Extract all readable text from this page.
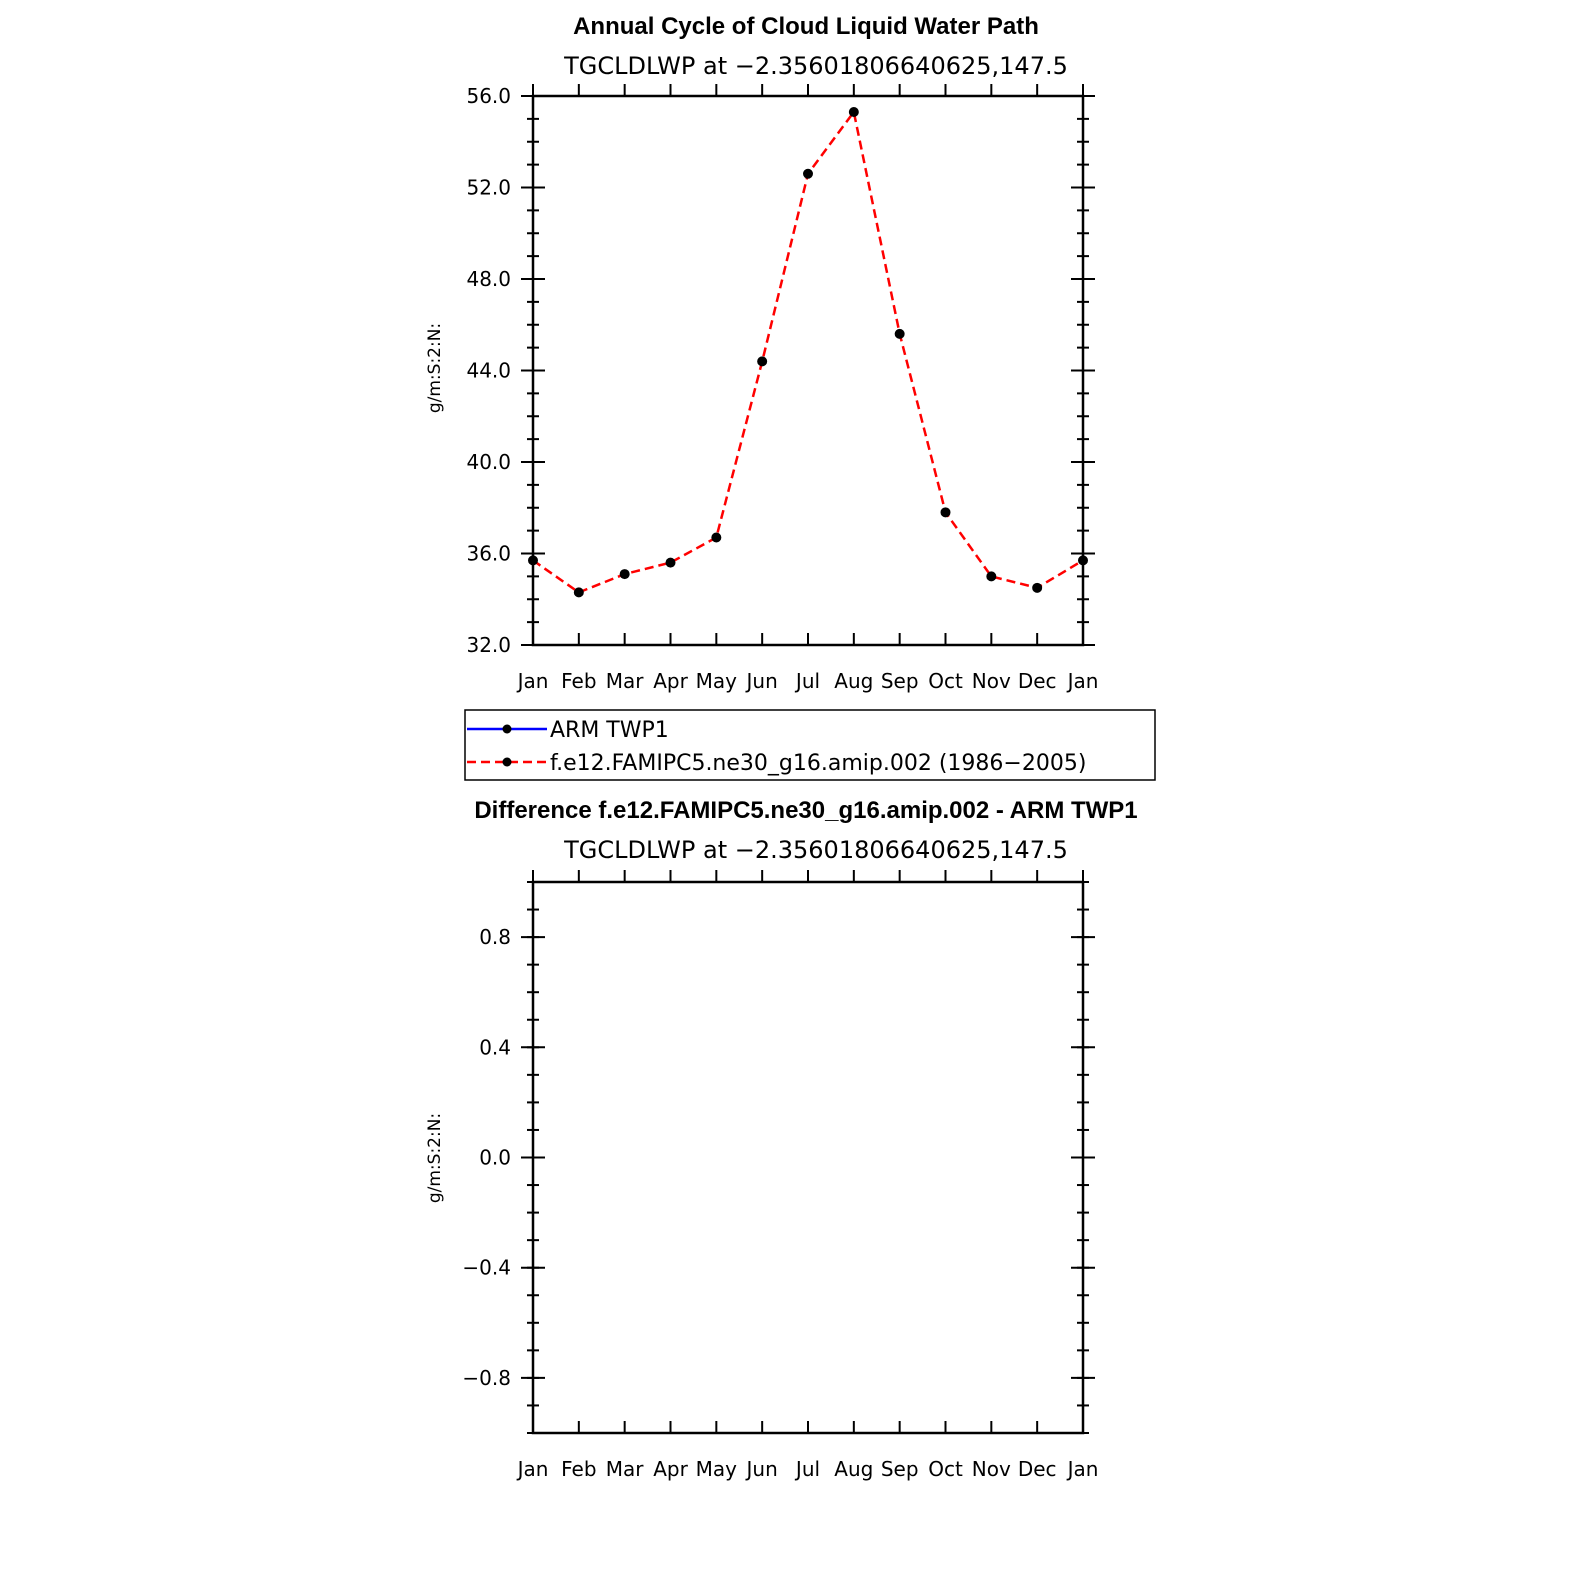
Annual Cycle of Cloud Liquid Water Path
TGCLDLWP at −2.35601806640625,147.5
g/m:S:2:N:
Jan Feb Mar Apr May Jun Jul Aug Sep Oct Nov Dec Jan
32.0
36.0
40.0
44.0
48.0
52.0
56.0
ARM TWP1
f.e12.FAMIPC5.ne30_g16.amip.002 (1986−2005)
Difference f.e12.FAMIPC5.ne30_g16.amip.002 - ARM TWP1
TGCLDLWP at −2.35601806640625,147.5
g/m:S:2:N:
Jan Feb Mar Apr May Jun Jul Aug Sep Oct Nov Dec Jan
−0.8
−0.4
0.0
0.4
0.8
